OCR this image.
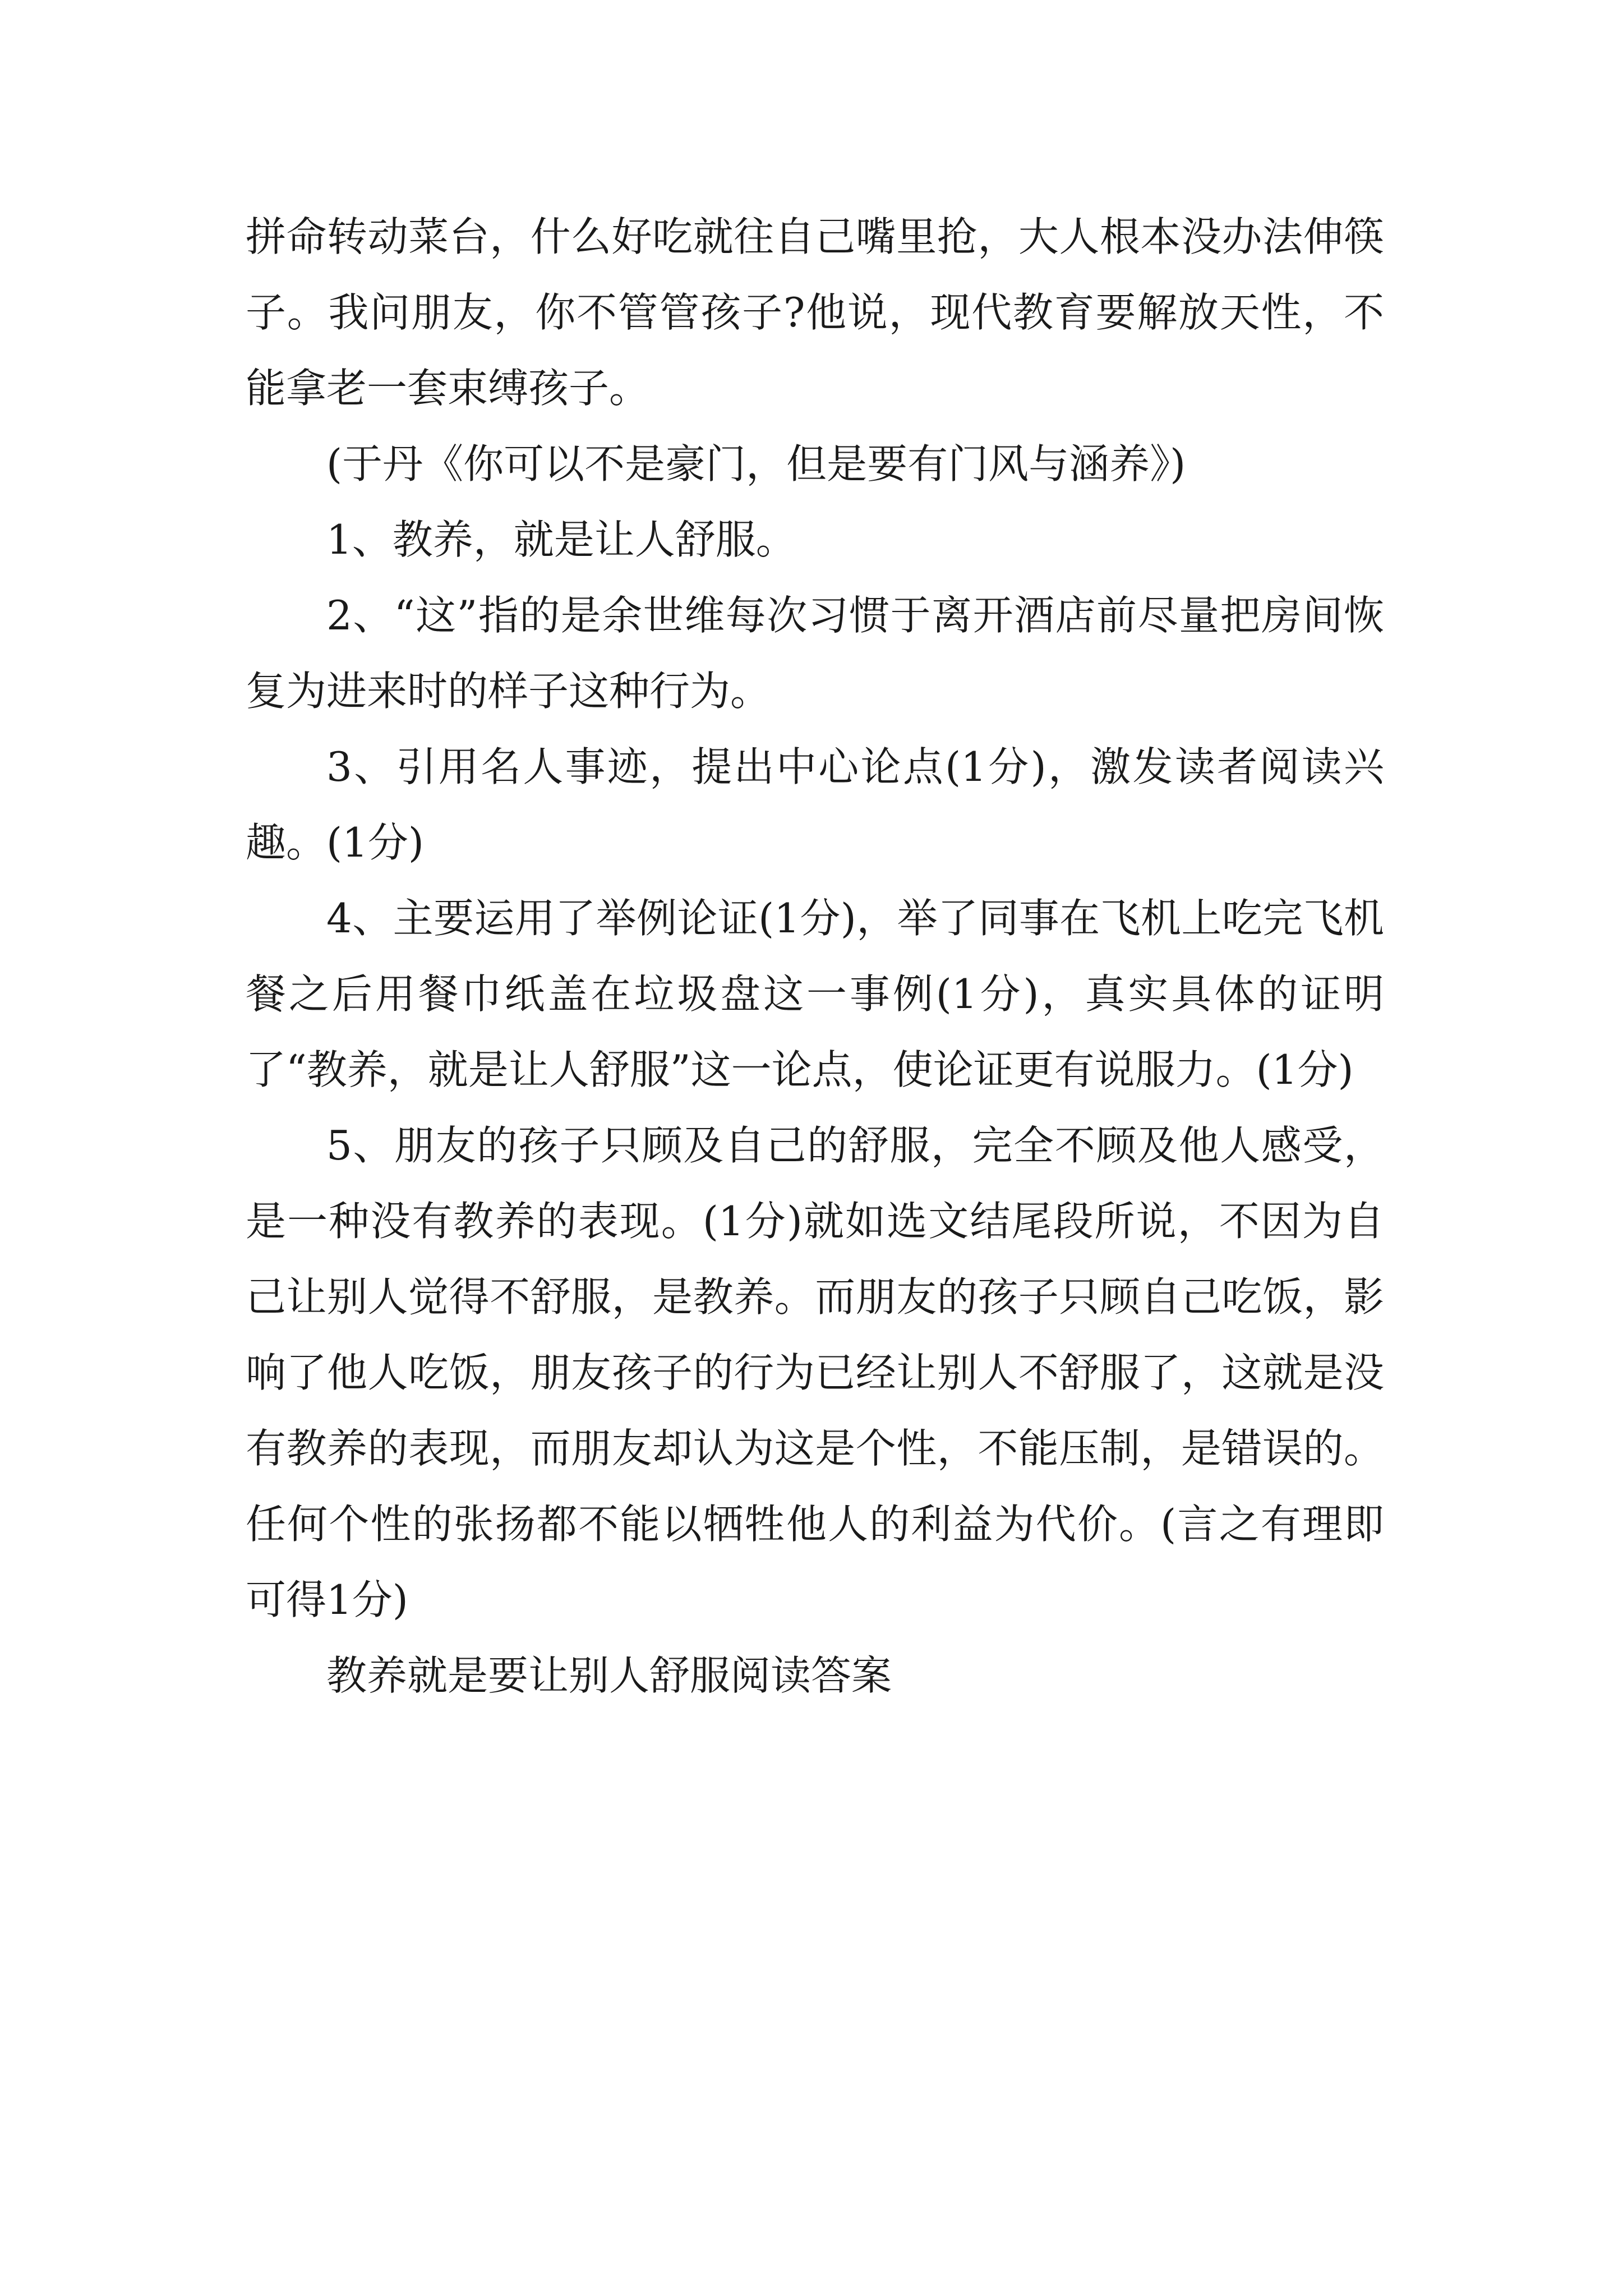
拼命转动菜台，什么好吃就往自己嘴里抢，大人根本没办法伸筷子。我问朋友，你不管管孩子?他说，现代教育要解放天性，不能拿老一套束缚孩子。

(于丹《你可以不是豪门，但是要有门风与涵养》)

1、教养，就是让人舒服。

2、“这”指的是余世维每次习惯于离开酒店前尽量把房间恢复为进来时的样子这种行为。

3、引用名人事迹，提出中心论点(1分)，激发读者阅读兴趣。(1分)

4、主要运用了举例论证(1分)，举了同事在飞机上吃完飞机餐之后用餐巾纸盖在垃圾盘这一事例(1分)，真实具体的证明了“教养，就是让人舒服”这一论点，使论证更有说服力。(1分)

5、朋友的孩子只顾及自己的舒服，完全不顾及他人感受，是一种没有教养的表现。(1分)就如选文结尾段所说，不因为自己让别人觉得不舒服，是教养。而朋友的孩子只顾自己吃饭，影响了他人吃饭，朋友孩子的行为已经让别人不舒服了，这就是没有教养的表现，而朋友却认为这是个性，不能压制，是错误的。任何个性的张扬都不能以牺牲他人的利益为代价。(言之有理即可得1分)

教养就是要让别人舒服阅读答案
